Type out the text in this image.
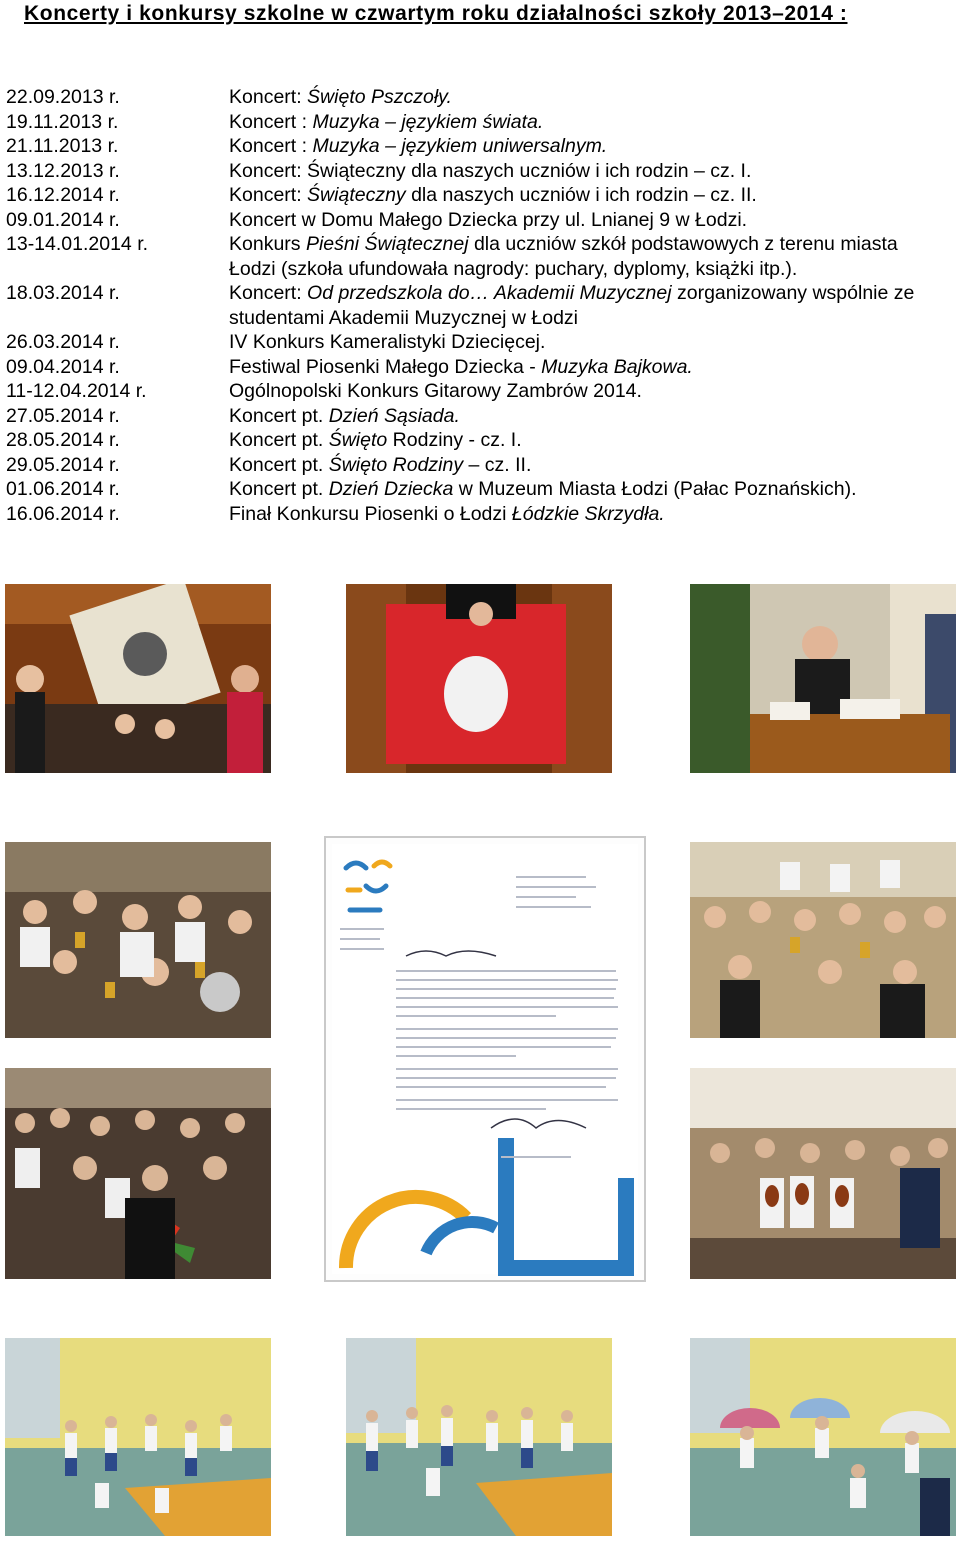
Koncerty i konkursy szkolne w czwartym roku działalności szkoły 2013–2014 :
22.09.2013 r.	Koncert: Święto Pszczoły.
19.11.2013 r.	Koncert : Muzyka – językiem świata.
21.11.2013 r.	Koncert : Muzyka – językiem uniwersalnym.
13.12.2013 r.	Koncert: Świąteczny dla naszych uczniów i ich rodzin – cz. I.
16.12.2014 r.	Koncert: Świąteczny dla naszych uczniów i ich rodzin – cz. II.
09.01.2014 r.	Koncert w Domu Małego Dziecka przy ul. Lnianej 9 w Łodzi.
13-14.01.2014 r.	Konkurs Pieśni Świątecznej dla uczniów szkół podstawowych z terenu miasta Łodzi (szkoła ufundowała nagrody: puchary, dyplomy, książki itp.).
18.03.2014 r.	Koncert: Od przedszkola do… Akademii Muzycznej zorganizowany wspólnie ze studentami Akademii Muzycznej w Łodzi
26.03.2014 r.	IV Konkurs Kameralistyki Dziecięcej.
09.04.2014 r.	Festiwal Piosenki Małego Dziecka - Muzyka Bajkowa.
11-12.04.2014 r.	Ogólnopolski Konkurs Gitarowy Zambrów 2014.
27.05.2014 r.	Koncert pt. Dzień Sąsiada.
28.05.2014 r.	Koncert pt. Święto Rodziny - cz. I.
29.05.2014 r.	Koncert pt. Święto Rodziny – cz. II.
01.06.2014 r.	Koncert pt. Dzień Dziecka w Muzeum Miasta Łodzi (Pałac Poznańskich).
16.06.2014 r.	Finał Konkursu Piosenki o Łodzi Łódzkie Skrzydła.
